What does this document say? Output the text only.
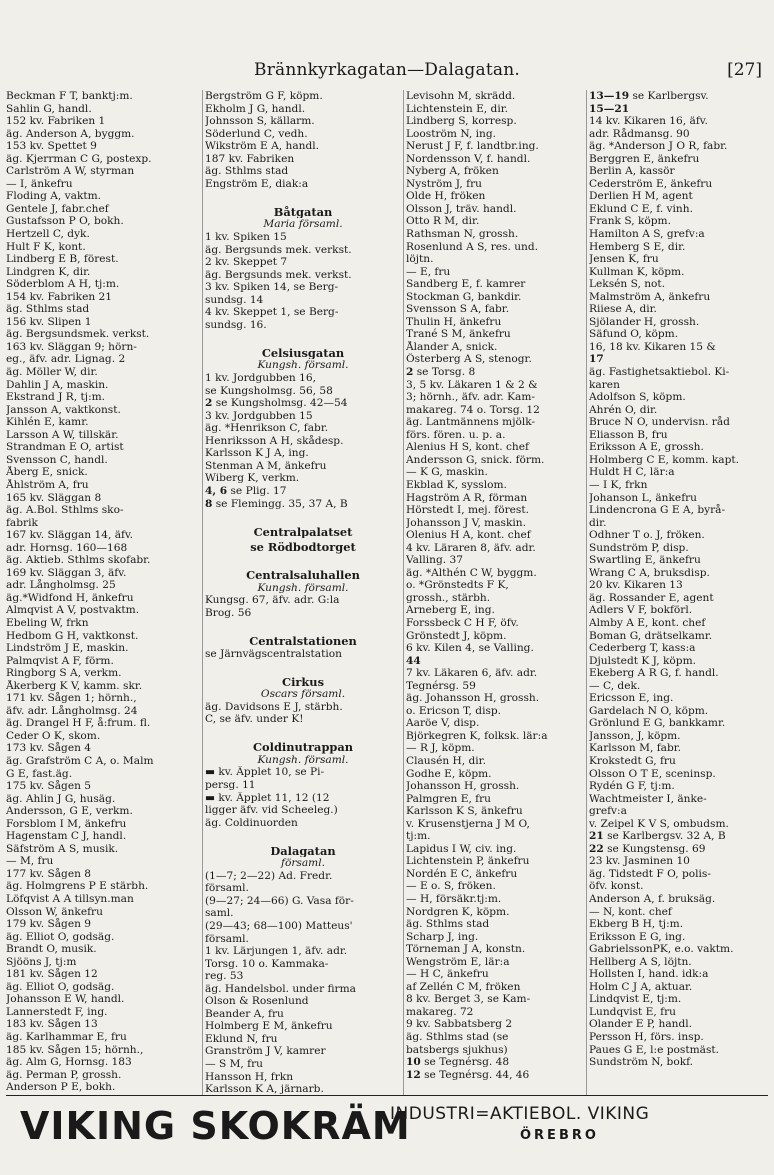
Brännkyrkagatan—Dalagatan.	[27]
Beckman F T, banktj:m.
Sahlin G, handl.
152 kv. Fabriken 1
äg. Anderson A, byggm.
153 kv. Spettet 9
äg. Kjerrman C G, postexp.
Carlström A W, styrman
— I, änkefru
Floding A, vaktm.
Gentele J, fabr.chef
Gustafsson P O, bokh.
Hertzell C, dyk.
Hult F K, kont.
Lindberg E B, förest.
Lindgren K, dir.
Söderblom A H, tj:m.
154 kv. Fabriken 21
äg. Sthlms stad
156 kv. Slipen 1
äg. Bergsundsmek. verkst.
163 kv. Släggan 9; hörn-
eg., äfv. adr. Lignag. 2
äg. Möller W, dir.
Dahlin J A, maskin.
Ekstrand J R, tj:m.
Jansson A, vaktkonst.
Kihlén E, kamr.
Larsson A W, tillskär.
Strandman E O, artist
Svensson C, handl.
Åberg E, snick.
Åhlström A, fru
165 kv. Släggan 8
äg. A.Bol. Sthlms sko-
fabrik
167 kv. Släggan 14, äfv.
adr. Hornsg. 160—168
äg. Aktieb. Sthlms skofabr.
169 kv. Släggan 3, äfv.
adr. Långholmsg. 25
äg.*Widfond H, änkefru
Almqvist A V, postvaktm.
Ebeling W, frkn
Hedbom G H, vaktkonst.
Lindström J E, maskin.
Palmqvist A F, förm.
Ringborg S A, verkm.
Åkerberg K V, kamm. skr.
171 kv. Sågen 1; hörnh.,
äfv. adr. Långholmsg. 24
äg. Drangel H F, å:frum. fl.
Ceder O K, skom.
173 kv. Sågen 4
äg. Grafström C A, o. Malm
G E, fast.äg.
175 kv. Sågen 5
äg. Ahlin J G, husäg.
Andersson, G E, verkm.
Forsblom I M, änkefru
Hagenstam C J, handl.
Säfström A S, musik.
— M, fru
177 kv. Sågen 8
äg. Holmgrens P E stärbh.
Löfqvist A A tillsyn.man
Olsson W, änkefru
179 kv. Sågen 9
äg. Elliot O, godsäg.
Brandt O, musik.
Sjööns J, tj:m
181 kv. Sågen 12
äg. Elliot O, godsäg.
Johansson E W, handl.
Lannerstedt F, ing.
183 kv. Sågen 13
äg. Karlhammar E, fru
185 kv. Sågen 15; hörnh.,
äg. Alm G, Hornsg. 183
äg. Perman P, grossh.
Anderson P E, bokh.
Bergström G F, köpm.
Ekholm J G, handl.
Johnsson S, källarm.
Söderlund C, vedh.
Wikström E A, handl.
187 kv. Fabriken
äg. Sthlms stad
Engström E, diak:a

Båtgatan
Maria församl.
1 kv. Spiken 15
äg. Bergsunds mek. verkst.
2 kv. Skeppet 7
äg. Bergsunds mek. verkst.
3 kv. Spiken 14, se Berg-
sundsg. 14
4 kv. Skeppet 1, se Berg-
sundsg. 16.

Celsiusgatan
Kungsh. församl.
1 kv. Jordgubben 16,
se Kungsholmsg. 56, 58
2 se Kungsholmsg. 42—54
3 kv. Jordgubben 15
äg. *Henrikson C, fabr.
Henriksson A H, skådesp.
Karlsson K J A, ing.
Stenman A M, änkefru
Wiberg K, verkm.
4, 6 se Plig. 17
8 se Flemingg. 35, 37 A, B

Centralpalatset
se Rödbodtorget

Centralsaluhallen
Kungsh. församl.
Kungsg. 67, äfv. adr. G:la
Brog. 56

Centralstationen
se Järnvägscentralstation

Cirkus
Oscars församl.
äg. Davidsons E J, stärbh.
C, se äfv. under K!

Coldinutrappan
Kungsh. församl.
▬ kv. Äpplet 10, se Pi-
persg. 11
▬ kv. Äpplet 11, 12 (12
ligger äfv. vid Scheeleg.)
äg. Coldinuorden

Dalagatan
församl.
(1—7; 2—22) Ad. Fredr.
församl.
(9—27; 24—66) G. Vasa för-
saml.
(29—43; 68—100) Matteus'
församl.
1 kv. Lärjungen 1, äfv. adr.
Torsg. 10 o. Kammaka-
reg. 53
äg. Handelsbol. under firma
Olson & Rosenlund
Beander A, fru
Holmberg E M, änkefru
Eklund N, fru
Granström J V, kamrer
— S M, fru
Hansson H, frkn
Karlsson K A, järnarb.
Levisohn M, skrädd.
Lichtenstein E, dir.
Lindberg S, korresp.
Looström N, ing.
Nerust J F, f. landtbr.ing.
Nordensson V, f. handl.
Nyberg A, fröken
Nyström J, fru
Olde H, fröken
Olsson J, träv. handl.
Otto R M, dir.
Rathsman N, grossh.
Rosenlund A S, res. und.
löjtn.
— E, fru
Sandberg E, f. kamrer
Stockman G, bankdir.
Svensson S A, fabr.
Thulin H, änkefru
Trané S M, änkefru
Ålander A, snick.
Österberg A S, stenogr.
2 se Torsg. 8
3, 5 kv. Läkaren 1 & 2 &
3; hörnh., äfv. adr. Kam-
makareg. 74 o. Torsg. 12
äg. Lantmännens mjölk-
förs. fören. u. p. a.
Alenius H S, kont. chef
Andersson G, snick. förm.
— K G, maskin.
Ekblad K, sysslom.
Hagström A R, förman
Hörstedt I, mej. förest.
Johansson J V, maskin.
Olenius H A, kont. chef
4 kv. Läraren 8, äfv. adr.
Valling. 37
äg. *Althén C W, byggm.
o. *Grönstedts F K,
grossh., stärbh.
Arneberg E, ing.
Forssbeck C H F, öfv.
Grönstedt J, köpm.
6 kv. Kilen 4, se Valling.
44
7 kv. Läkaren 6, äfv. adr.
Tegnérsg. 59
äg. Johansson H, grossh.
o. Ericson T, disp.
Aaröe V, disp.
Björkegren K, folksk. lär:a
— R J, köpm.
Clausén H, dir.
Godhe E, köpm.
Johansson H, grossh.
Palmgren E, fru
Karlsson K S, änkefru
v. Krusenstjerna J M O,
tj:m.
Lapidus I W, civ. ing.
Lichtenstein P, änkefru
Nordén E C, änkefru
— E o. S, fröken.
— H, försäkr.tj:m.
Nordgren K, köpm.
äg. Sthlms stad
Scharp J, ing.
Törneman J A, konstn.
Wengström E, lär:a
— H C, änkefru
af Zellén C M, fröken
8 kv. Berget 3, se Kam-
makareg. 72
9 kv. Sabbatsberg 2
äg. Sthlms stad (se
batsbergs sjukhus)
10 se Tegnérsg. 48
12 se Tegnérsg. 44, 46
13—19 se Karlbergsv.
15—21
14 kv. Kikaren 16, äfv.
adr. Rådmansg. 90
äg. *Anderson J O R, fabr.
Berggren E, änkefru
Berlin A, kassör
Cederström E, änkefru
Derlien H M, agent
Eklund C E, f. vinh.
Frank S, köpm.
Hamilton A S, grefv:a
Hemberg S E, dir.
Jensen K, fru
Kullman K, köpm.
Leksén S, not.
Malmström A, änkefru
Riiese A, dir.
Sjölander H, grossh.
Säfund O, köpm.
16, 18 kv. Kikaren 15 &
17
äg. Fastighetsaktiebol. Ki-
karen
Adolfson S, köpm.
Ahrén O, dir.
Bruce N O, undervisn. råd
Eliasson B, fru
Eriksson A E, grossh.
Holmberg C E, komm. kapt.
Huldt H C, lär:a
— I K, frkn
Johanson L, änkefru
Lindencrona G E A, byrå-
dir.
Odhner T o. J, fröken.
Sundström P, disp.
Swartling E, änkefru
Wrang C A, bruksdisp.
20 kv. Kikaren 13
äg. Rossander E, agent
Adlers V F, bokförl.
Almby A E, kont. chef
Boman G, drätselkamr.
Cederberg T, kass:a
Djulstedt K J, köpm.
Ekeberg A R G, f. handl.
— C, dek.
Ericsson E, ing.
Gardelach N O, köpm.
Grönlund E G, bankkamr.
Jansson, J, köpm.
Karlsson M, fabr.
Krokstedt G, fru
Olsson O T E, sceninsp.
Rydén G F, tj:m.
Wachtmeister I, änke-
grefv:a
v. Zeipel K V S, ombudsm.
21 se Karlbergsv. 32 A, B
22 se Kungstensg. 69
23 kv. Jasminen 10
äg. Tidstedt F O, polis-
öfv. konst.
Anderson A, f. bruksäg.
— N, kont. chef
Ekberg B H, tj:m.
Eriksson E G, ing.
GabrielssonPK, e.o. vaktm.
Hellberg A S, löjtn.
Hollsten I, hand. idk:a
Holm C J A, aktuar.
Lindqvist E, tj:m.
Lundqvist E, fru
Olander E P, handl.
Persson H, förs. insp.
Paues G E, l:e postmäst.
Sundström N, bokf.
VIKING SKOKRÄM
INDUSTRI=AKTIEBOL. VIKING
ÖREBRO
